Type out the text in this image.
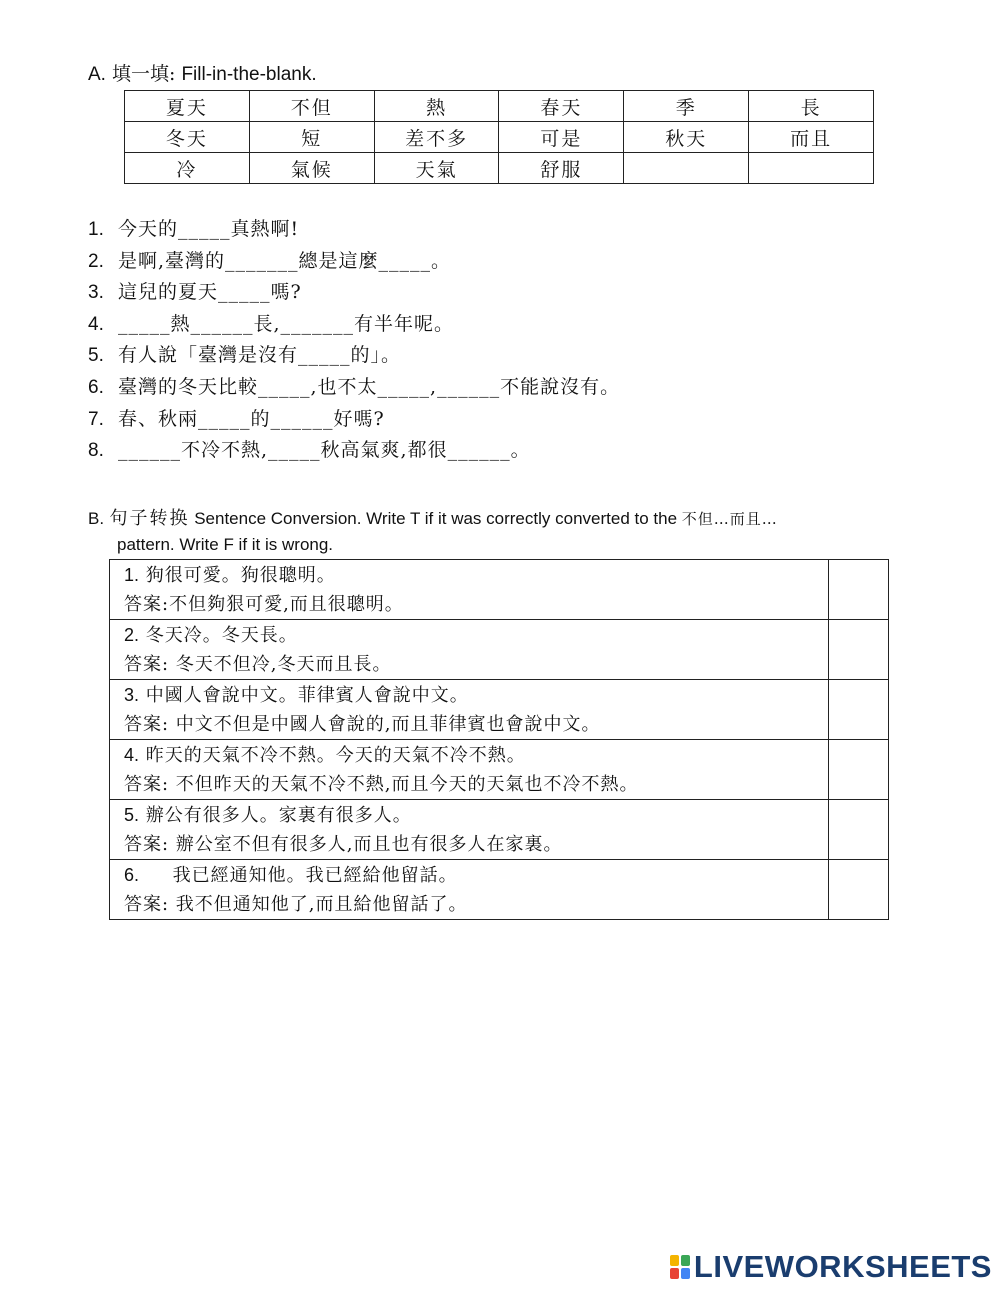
A. 填一填: Fill-in-the-blank.
夏天	不但	熱	春天	季	長
冬天	短	差不多	可是	秋天	而且
冷	氣候	天氣	舒服		
1. 今天的_____真熱啊!
2. 是啊,臺灣的_______總是這麼_____。
3. 這兒的夏天_____嗎?
4. _____熱______長,_______有半年呢。
5. 有人說「臺灣是沒有_____的」。
6. 臺灣的冬天比較_____,也不太_____,______不能說沒有。
7. 春、秋兩_____的______好嗎?
8. ______不冷不熱,_____秋高氣爽,都很______。
B. 句子转换 Sentence Conversion. Write T if it was correctly converted to the 不但…而且…
pattern. Write F if it is wrong.
1. 狗很可愛。狗很聰明。
答案:不但夠狠可愛,而且很聰明。	

2. 冬天冷。冬天長。
答案: 冬天不但冷,冬天而且長。	

3. 中國人會說中文。菲律賓人會說中文。
答案: 中文不但是中國人會說的,而且菲律賓也會說中文。	

4. 昨天的天氣不冷不熱。今天的天氣不冷不熱。
答案: 不但昨天的天氣不冷不熱,而且今天的天氣也不冷不熱。	

5. 辦公有很多人。家裏有很多人。
答案: 辦公室不但有很多人,而且也有很多人在家裏。	

6. 我已經通知他。我已經給他留話。
答案: 我不但通知他了,而且給他留話了。	

LIVEWORKSHEETS
